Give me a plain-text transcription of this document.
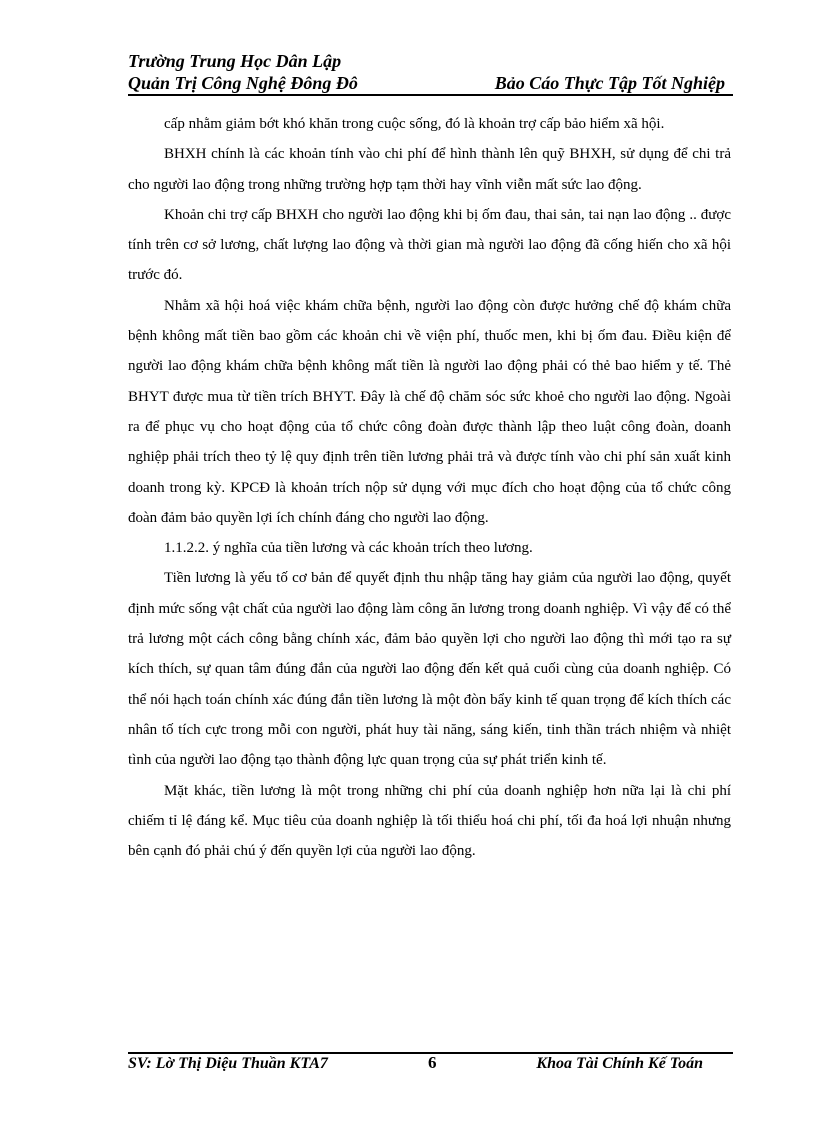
Trường Trung Học Dân Lập
Quản Trị Công Nghệ Đông Đô	Bảo Cáo Thực Tập Tốt Nghiệp

cấp nhằm giảm bớt khó khăn trong cuộc sống, đó là khoản trợ cấp bảo hiểm xã hội.

BHXH chính là các khoản tính vào chi phí để hình thành lên quỹ BHXH, sử dụng để chi trả cho người lao động trong những trường hợp tạm thời hay vĩnh viễn mất sức lao động.

Khoản chi trợ cấp BHXH cho người lao động khi bị ốm đau, thai sản, tai nạn lao động .. được tính trên cơ sở lương, chất lượng lao động và thời gian mà người lao động đã cống hiến cho xã hội trước đó.

Nhằm xã hội hoá việc khám chữa bệnh, người lao động còn được hưởng chế độ khám chữa bệnh không mất tiền bao gồm các khoản chi về viện phí, thuốc men, khi bị ốm đau. Điều kiện để người lao động khám chữa bệnh không mất tiền là người lao động phải có thẻ bao hiểm y tế. Thẻ BHYT được mua từ tiền trích BHYT. Đây là chế độ chăm sóc sức khoẻ cho người lao động. Ngoài ra để phục vụ cho hoạt động của tổ chức công đoàn được thành lập theo luật công đoàn, doanh nghiệp phải trích theo tỷ lệ quy định trên tiền lương phải trả và được tính vào chi phí sản xuất kinh doanh trong kỳ. KPCĐ là khoản trích nộp sử dụng với mục đích cho hoạt động của tổ chức công đoàn đảm bảo quyền lợi ích chính đáng cho người lao động.

1.1.2.2. ý nghĩa của tiền lương và các khoản trích theo lương.

Tiền lương là yếu tố cơ bản để quyết định thu nhập tăng hay giảm của người lao động, quyết định mức sống vật chất của người lao động làm công ăn lương trong doanh nghiệp. Vì vậy để có thể trả lương một cách công bằng chính xác, đảm bảo quyền lợi cho người lao động thì mới tạo ra sự kích thích, sự quan tâm đúng đắn của người lao động đến kết quả cuối cùng của doanh nghiệp. Có thể nói hạch toán chính xác đúng đắn tiền lương là một đòn bẩy kinh tế quan trọng để kích thích các nhân tố tích cực trong mỗi con người, phát huy tài năng, sáng kiến, tinh thần trách nhiệm và nhiệt tình của người lao động tạo thành động lực quan trọng của sự phát triển kinh tế.

Mặt khác, tiền lương là một trong những chi phí của doanh nghiệp hơn nữa lại là chi phí chiếm tỉ lệ đáng kể. Mục tiêu của doanh nghiệp là tối thiểu hoá chi phí, tối đa hoá lợi nhuận nhưng bên cạnh đó phải chú ý đến quyền lợi của người lao động.

SV: Lờ Thị Diệu Thuần KTA7	6	Khoa Tài Chính Kế Toán
